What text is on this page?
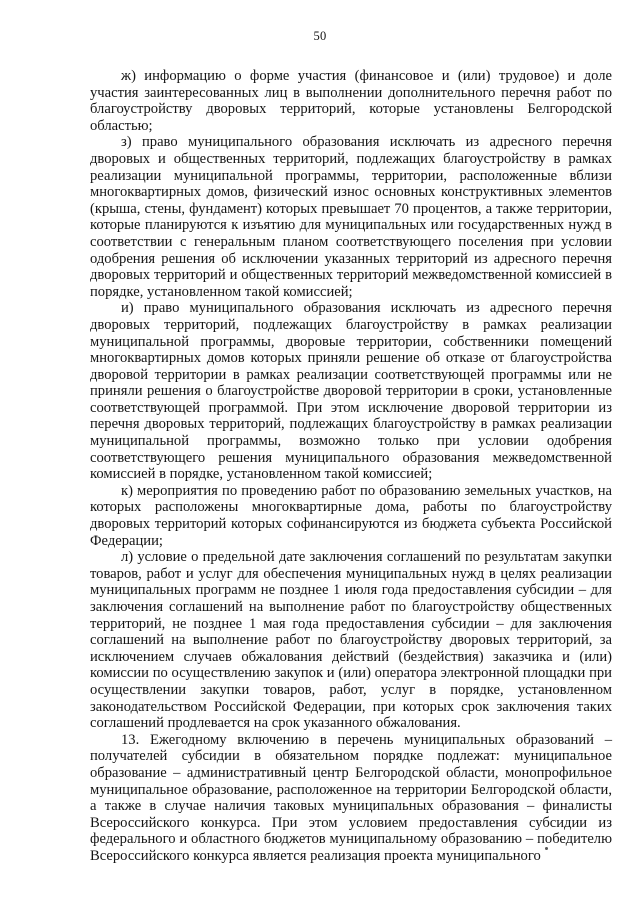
50

ж) информацию о форме участия (финансовое и (или) трудовое) и доле участия заинтересованных лиц в выполнении дополнительного перечня работ по благоустройству дворовых территорий, которые установлены Белгородской областью;

з) право муниципального образования исключать из адресного перечня дворовых и общественных территорий, подлежащих благоустройству в рамках реализации муниципальной программы, территории, расположенные вблизи многоквартирных домов, физический износ основных конструктивных элементов (крыша, стены, фундамент) которых превышает 70 процентов, а также территории, которые планируются к изъятию для муниципальных или государственных нужд в соответствии с генеральным планом соответствующего поселения при условии одобрения решения об исключении указанных территорий из адресного перечня дворовых территорий и общественных территорий межведомственной комиссией в порядке, установленном такой комиссией;

и) право муниципального образования исключать из адресного перечня дворовых территорий, подлежащих благоустройству в рамках реализации муниципальной программы, дворовые территории, собственники помещений многоквартирных домов которых приняли решение об отказе от благоустройства дворовой территории в рамках реализации соответствующей программы или не приняли решения о благоустройстве дворовой территории в сроки, установленные соответствующей программой. При этом исключение дворовой территории из перечня дворовых территорий, подлежащих благоустройству в рамках реализации муниципальной программы, возможно только при условии одобрения соответствующего решения муниципального образования межведомственной комиссией в порядке, установленном такой комиссией;

к) мероприятия по проведению работ по образованию земельных участков, на которых расположены многоквартирные дома, работы по благоустройству дворовых территорий которых софинансируются из бюджета субъекта Российской Федерации;

л) условие о предельной дате заключения соглашений по результатам закупки товаров, работ и услуг для обеспечения муниципальных нужд в целях реализации муниципальных программ не позднее 1 июля года предоставления субсидии – для заключения соглашений на выполнение работ по благоустройству общественных территорий, не позднее 1 мая года предоставления субсидии – для заключения соглашений на выполнение работ по благоустройству дворовых территорий, за исключением случаев обжалования действий (бездействия) заказчика и (или) комиссии по осуществлению закупок и (или) оператора электронной площадки при осуществлении закупки товаров, работ, услуг в порядке, установленном законодательством Российской Федерации, при которых срок заключения таких соглашений продлевается на срок указанного обжалования.

13. Ежегодному включению в перечень муниципальных образований – получателей субсидии в обязательном порядке подлежат: муниципальное образование – административный центр Белгородской области, монопрофильное муниципальное образование, расположенное на территории Белгородской области, а также в случае наличия таковых муниципальных образования – финалисты Всероссийского конкурса. При этом условием предоставления субсидии из федерального и областного бюджетов муниципальному образованию – победителю Всероссийского конкурса является реализация проекта муниципального
